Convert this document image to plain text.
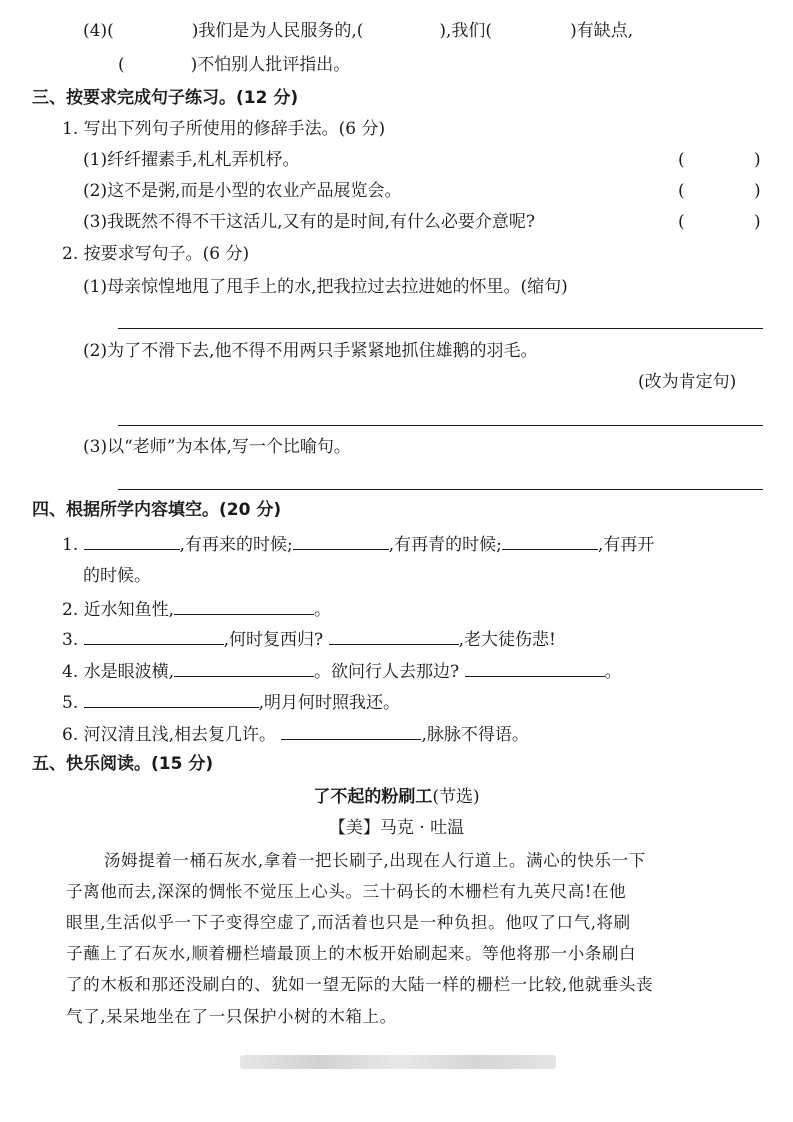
(4)(	)我们是为人民服务的,(	),我们(	)有缺点,
(	)不怕别人批评指出。
三、按要求完成句子练习。(12 分)
1. 写出下列句子所使用的修辞手法。(6 分)
(1)纤纤擢素手,札札弄机杼。	(	)
(2)这不是粥,而是小型的农业产品展览会。	(	)
(3)我既然不得不干这活儿,又有的是时间,有什么必要介意呢?	(	)
2. 按要求写句子。(6 分)
(1)母亲惊惶地甩了甩手上的水,把我拉过去拉进她的怀里。(缩句)
(2)为了不滑下去,他不得不用两只手紧紧地抓住雄鹅的羽毛。
(改为肯定句)
(3)以“老师”为本体,写一个比喻句。
四、根据所学内容填空。(20 分)
1.	,有再来的时候;	,有再青的时候;	,有再开
的时候。
2. 近水知鱼性,	。
3.	,何时复西归?	,老大徒伤悲!
4. 水是眼波横,	。欲问行人去那边?	。
5.	,明月何时照我还。
6. 河汉清且浅,相去复几许。	,脉脉不得语。
五、快乐阅读。(15 分)
了不起的粉刷工(节选)
【美】马克 · 吐温
汤姆提着一桶石灰水,拿着一把长刷子,出现在人行道上。满心的快乐一下
子离他而去,深深的惆怅不觉压上心头。三十码长的木栅栏有九英尺高!在他
眼里,生活似乎一下子变得空虚了,而活着也只是一种负担。他叹了口气,将刷
子蘸上了石灰水,顺着栅栏墙最顶上的木板开始刷起来。等他将那一小条刷白
了的木板和那还没刷白的、犹如一望无际的大陆一样的栅栏一比较,他就垂头丧
气了,呆呆地坐在了一只保护小树的木箱上。
